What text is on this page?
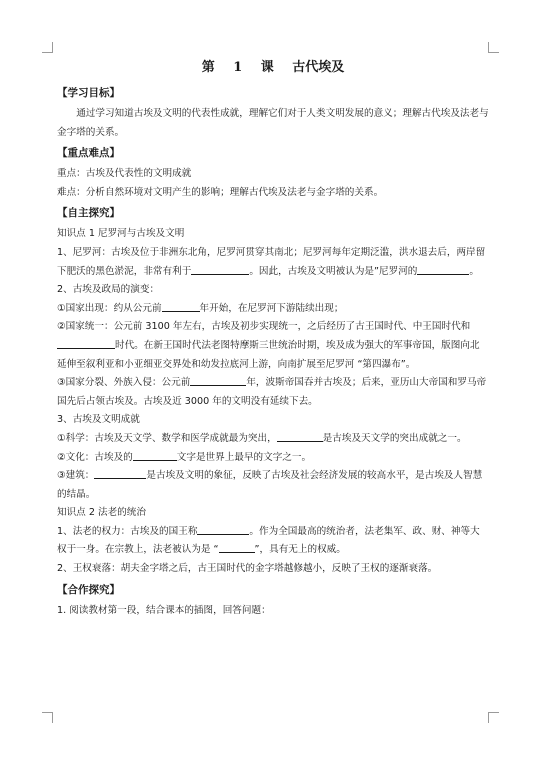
第 1 课 古代埃及
【学习目标】

通过学习知道古埃及文明的代表性成就，理解它们对于人类文明发展的意义；理解古代埃及法老与金字塔的关系。

【重点难点】

重点：古埃及代表性的文明成就

难点：分析自然环境对文明产生的影响；理解古代埃及法老与金字塔的关系。

【自主探究】

知识点 1 尼罗河与古埃及文明

1、尼罗河：古埃及位于非洲东北角，尼罗河贯穿其南北；尼罗河每年定期泛滥，洪水退去后，两岸留下肥沃的黑色淤泥，非常有利于	。因此，古埃及文明被认为是”尼罗河的	。

2、古埃及政局的演变：

①国家出现：约从公元前	年开始，在尼罗河下游陆续出现；

②国家统一：公元前 3100 年左右，古埃及初步实现统一，之后经历了古王国时代、中王国时代和时代。在新王国时代法老图特摩斯三世统治时期，埃及成为强大的军事帝国，版图向北延伸至叙利亚和小亚细亚交界处和幼发拉底河上游，向南扩展至尼罗河 “第四瀑布”。

③国家分裂、外族入侵：公元前	年，波斯帝国吞并古埃及；后来，亚历山大帝国和罗马帝国先后占领古埃及。古埃及近 3000 年的文明没有延续下去。

3、古埃及文明成就

①科学：古埃及天文学、数学和医学成就最为突出，	是古埃及天文学的突出成就之一。

②文化：古埃及的	文字是世界上最早的文字之一。

③建筑：	是古埃及文明的象征，反映了古埃及社会经济发展的较高水平，是古埃及人智慧的结晶。

知识点 2 法老的统治

1、法老的权力：古埃及的国王称	。作为全国最高的统治者，法老集军、政、财、神等大权于一身。在宗教上，法老被认为是 “	”，具有无上的权威。

2、王权衰落：胡夫金字塔之后，古王国时代的金字塔越修越小，反映了王权的逐渐衰落。

【合作探究】

1. 阅读教材第一段，结合课本的插图，回答问题：
